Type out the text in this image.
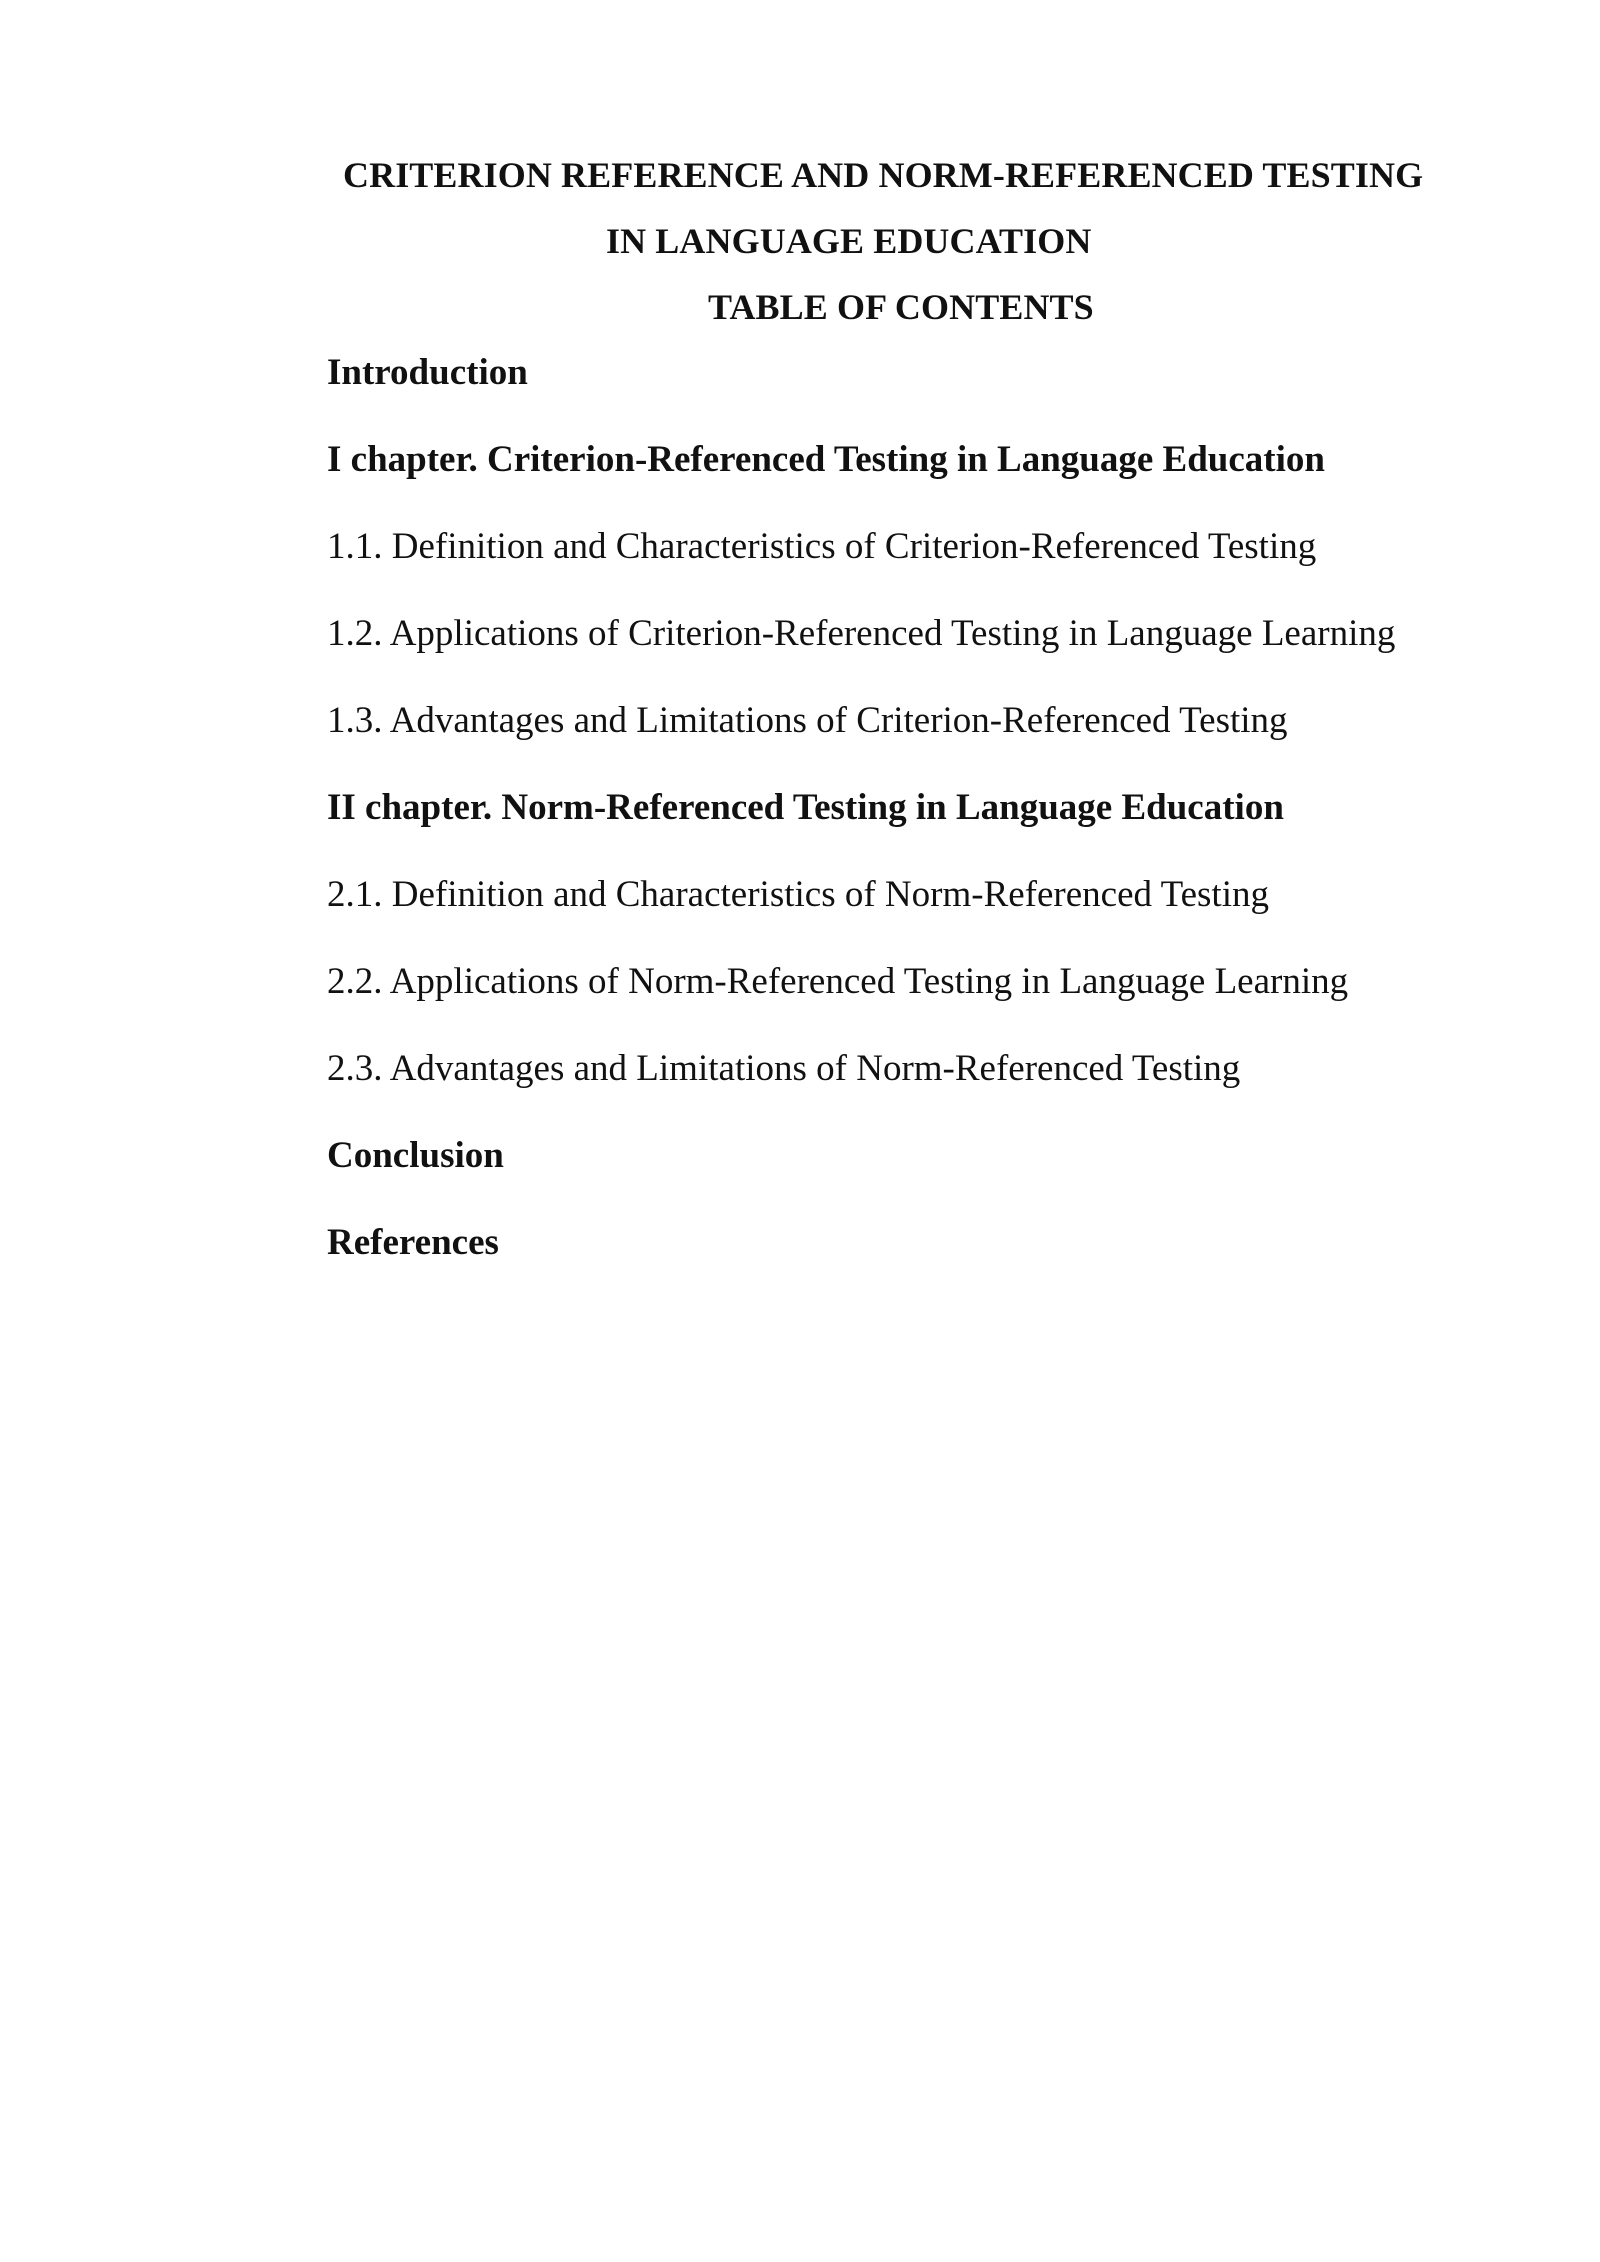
CRITERION REFERENCE AND NORM-REFERENCED TESTING
IN LANGUAGE EDUCATION
TABLE OF CONTENTS
Introduction
I chapter. Criterion-Referenced Testing in Language Education
1.1. Definition and Characteristics of Criterion-Referenced Testing
1.2. Applications of Criterion-Referenced Testing in Language Learning
1.3. Advantages and Limitations of Criterion-Referenced Testing
II chapter. Norm-Referenced Testing in Language Education
2.1. Definition and Characteristics of Norm-Referenced Testing
2.2. Applications of Norm-Referenced Testing in Language Learning
2.3. Advantages and Limitations of Norm-Referenced Testing
Conclusion
References
